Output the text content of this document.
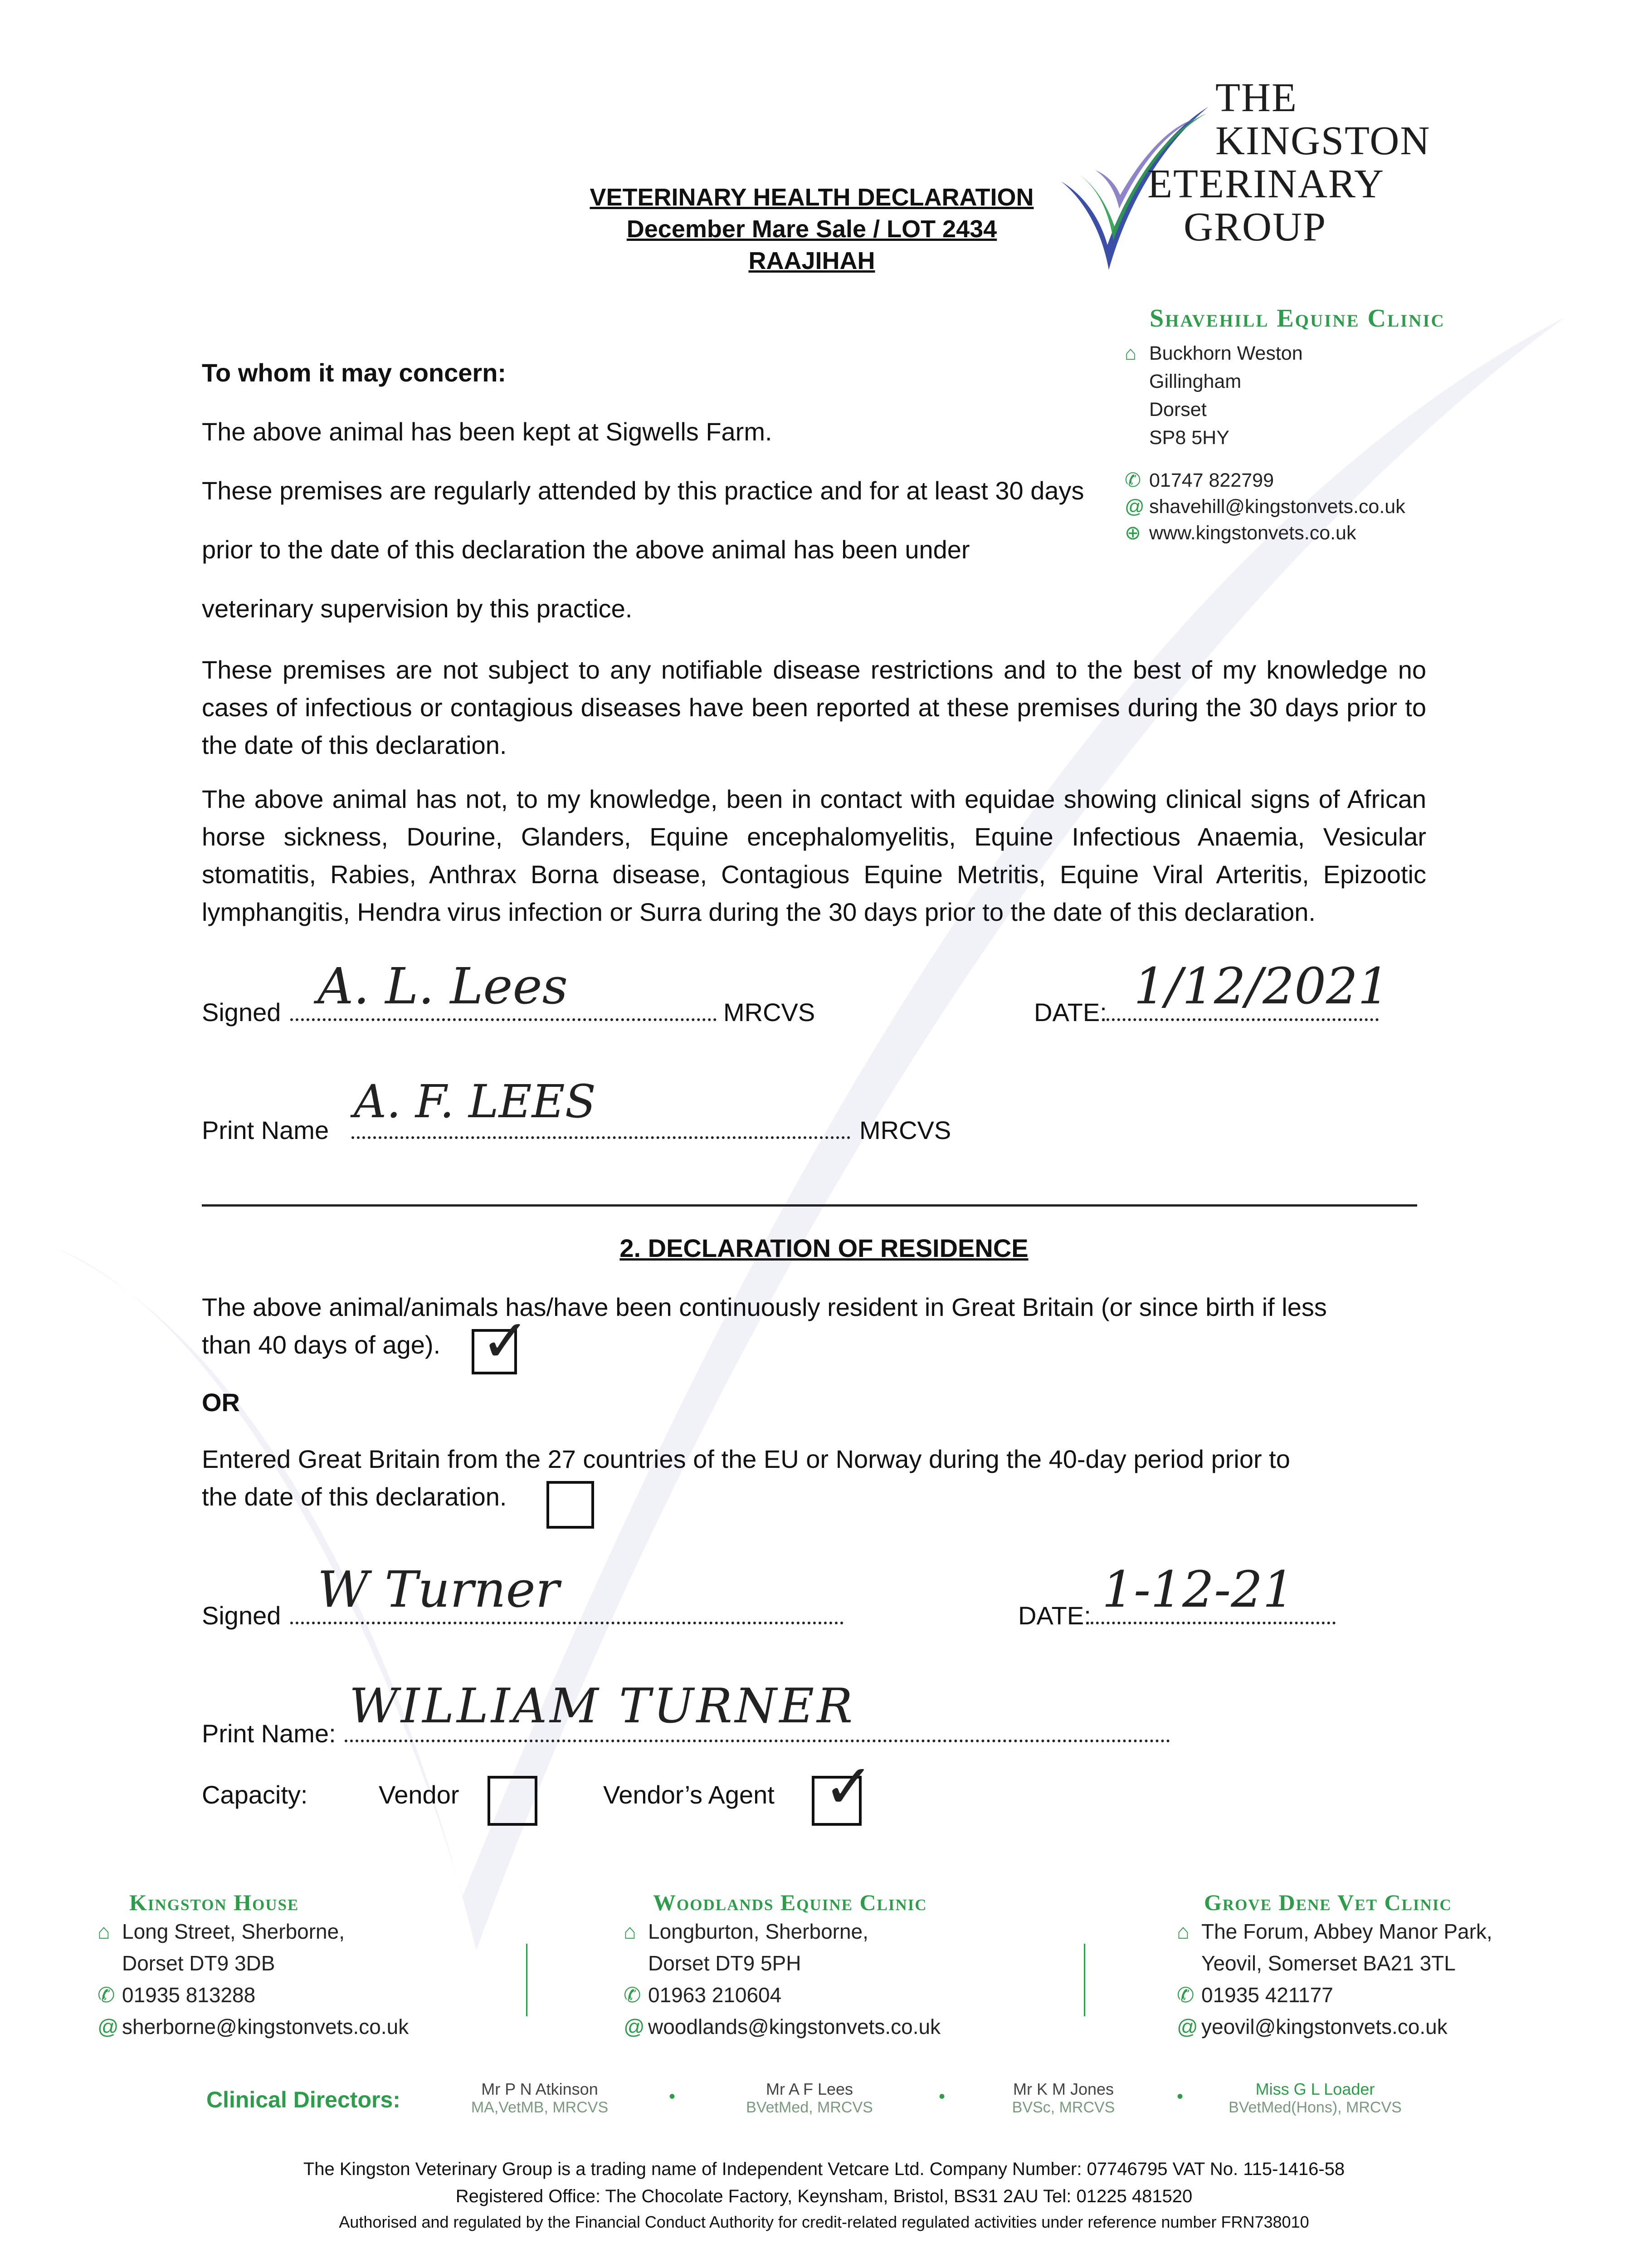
THE
KINGSTON
ETERINARY
GROUP
Shavehill Equine Clinic
⌂ Buckhorn Weston
Gillingham
Dorset
SP8 5HY
✆ 01747 822799
@ shavehill@kingstonvets.co.uk
⊕ www.kingstonvets.co.uk
VETERINARY HEALTH DECLARATION
December Mare Sale / LOT 2434
RAAJIHAH
To whom it may concern:
The above animal has been kept at Sigwells Farm.
These premises are regularly attended by this practice and for at least 30 days
prior to the date of this declaration the above animal has been under
veterinary supervision by this practice.
These premises are not subject to any notifiable disease restrictions and to the best of my knowledge no cases of infectious or contagious diseases have been reported at these premises during the 30 days prior to the date of this declaration.
The above animal has not, to my knowledge, been in contact with equidae showing clinical signs of African horse sickness, Dourine, Glanders, Equine encephalomyelitis, Equine Infectious Anaemia, Vesicular stomatitis, Rabies, Anthrax Borna disease, Contagious Equine Metritis, Equine Viral Arteritis, Epizootic lymphangitis, Hendra virus infection or Surra during the 30 days prior to the date of this declaration.
Signed A. L. Lees	MRCVS	DATE: 1/12/2021
Print Name
A. F. LEES
MRCVS
2. DECLARATION OF RESIDENCE
The above animal/animals has/have been continuously resident in Great Britain (or since birth if less
than 40 days of age). ✓
OR
Entered Great Britain from the 27 countries of the EU or Norway during the 40-day period prior to
the date of this declaration.
Signed W Turner	DATE: 1-12-21
Print Name: WILLIAM TURNER
Capacity:	Vendor	Vendor’s Agent ✓
Kingston House
⌂ Long Street, Sherborne,
Dorset DT9 3DB
✆ 01935 813288
@ sherborne@kingstonvets.co.uk
Woodlands Equine Clinic
⌂ Longburton, Sherborne,
Dorset DT9 5PH
✆ 01963 210604
@ woodlands@kingstonvets.co.uk
Grove Dene Vet Clinic
⌂ The Forum, Abbey Manor Park,
Yeovil, Somerset BA21 3TL
✆ 01935 421177
@ yeovil@kingstonvets.co.uk
Clinical Directors:	Mr P N Atkinson
MA,VetMB, MRCVS
•	Mr A F Lees
BVetMed, MRCVS
•	Mr K M Jones
BVSc, MRCVS
•	Miss G L Loader
BVetMed(Hons), MRCVS
The Kingston Veterinary Group is a trading name of Independent Vetcare Ltd. Company Number: 07746795 VAT No. 115-1416-58
Registered Office: The Chocolate Factory, Keynsham, Bristol, BS31 2AU Tel: 01225 481520
Authorised and regulated by the Financial Conduct Authority for credit-related regulated activities under reference number FRN738010
